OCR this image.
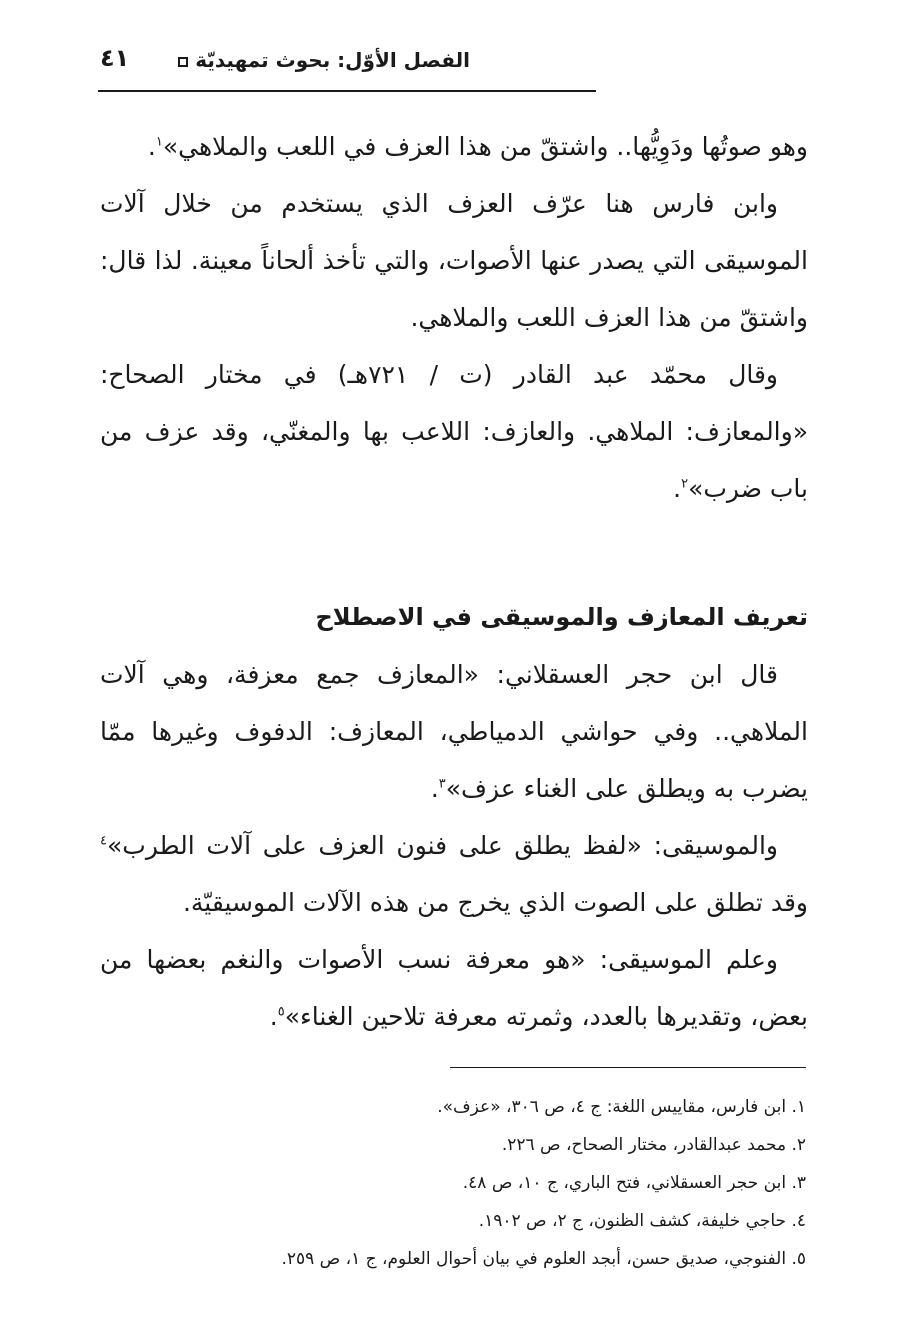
الفصل الأوّل: بحوث تمهيديّة
٤١

وهو صوتُها ودَوِيُّها.. واشتقّ من هذا العزف في اللعب والملاهي»$^١$.

وابن فارس هنا عرّف العزف الذي يستخدم من خلال آلات الموسيقى التي يصدر عنها الأصوات، والتي تأخذ ألحاناً معينة. لذا قال: واشتقّ من هذا العزف اللعب والملاهي.

وقال محمّد عبد القادر (ت / ٧٢١هـ) في مختار الصحاح: «والمعازف: الملاهي. والعازف: اللاعب بها والمغنّي، وقد عزف من باب ضرب»$^٢$.

تعريف المعازف والموسيقى في الاصطلاح

قال ابن حجر العسقلاني: «المعازف جمع معزفة، وهي آلات الملاهي.. وفي حواشي الدمياطي، المعازف: الدفوف وغيرها ممّا يضرب به ويطلق على الغناء عزف»$^٣$.

والموسيقى: «لفظ يطلق على فنون العزف على آلات الطرب»$^٤$ وقد تطلق على الصوت الذي يخرج من هذه الآلات الموسيقيّة.

وعلم الموسيقى: «هو معرفة نسب الأصوات والنغم بعضها من بعض، وتقديرها بالعدد، وثمرته معرفة تلاحين الغناء»$^٥$.

١. ابن فارس، مقاييس اللغة: ج ٤، ص ٣٠٦، «عزف».
٢. محمد عبدالقادر، مختار الصحاح، ص ٢٢٦.
٣. ابن حجر العسقلاني، فتح الباري، ج ١٠، ص ٤٨.
٤. حاجي خليفة، كشف الظنون، ج ٢، ص ١٩٠٢.
٥. الفنوجي، صديق حسن، أبجد العلوم في بيان أحوال العلوم، ج ١، ص ٢٥٩.
